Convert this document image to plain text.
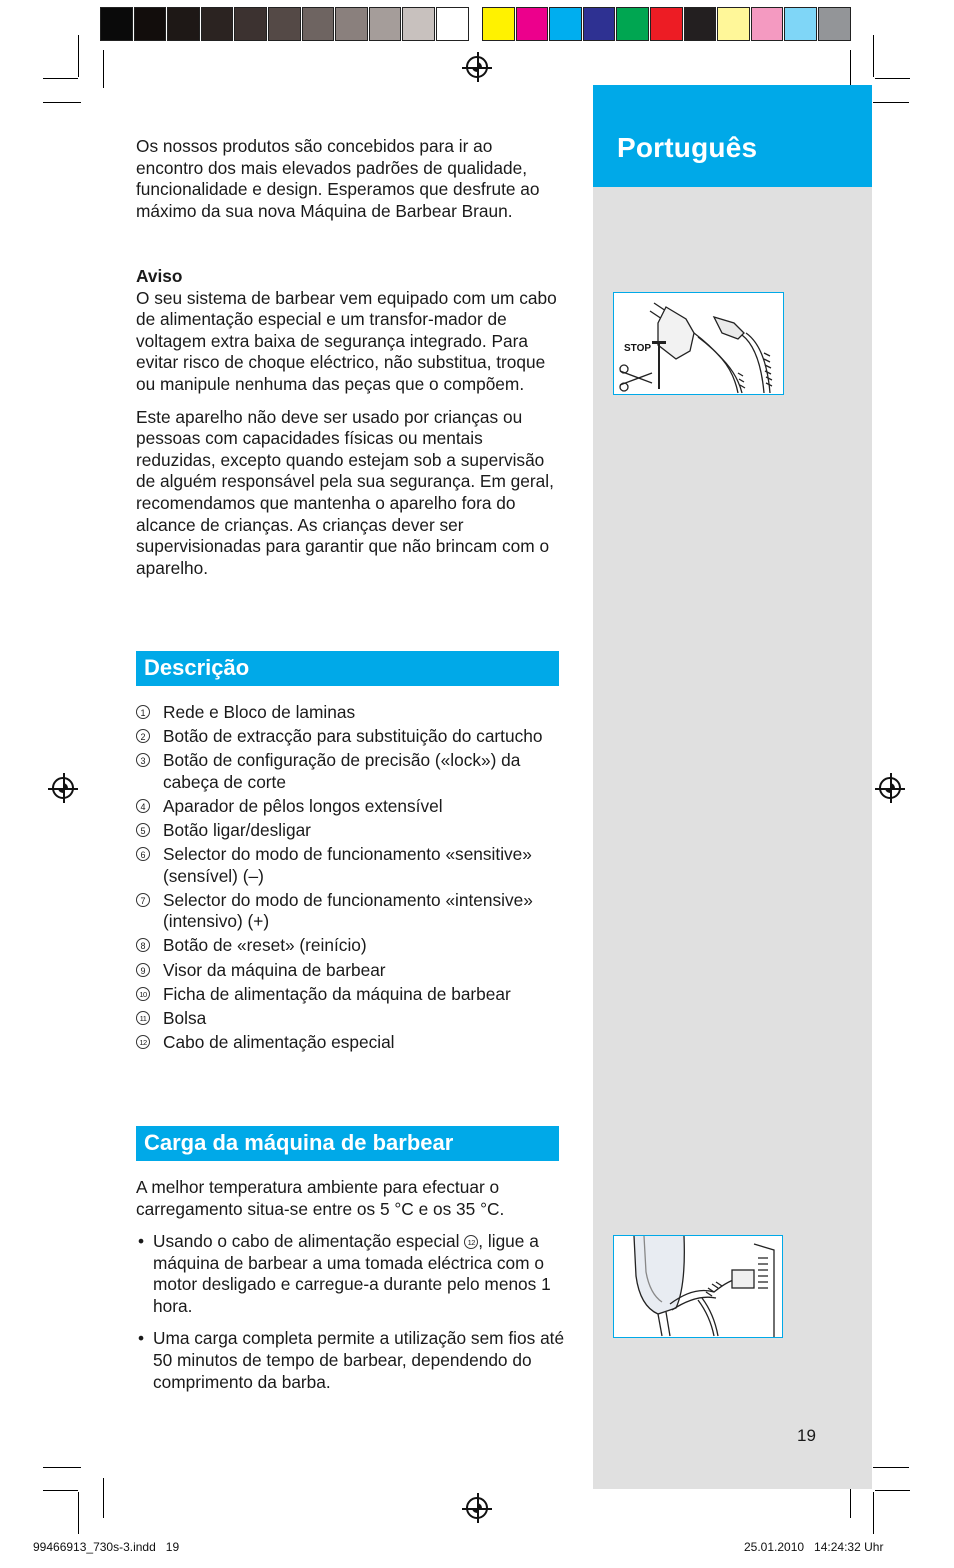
Português
STOP

Os nossos produtos são concebidos para ir ao encontro dos mais elevados padrões de qualidade, funcionalidade e design. Esperamos que desfrute ao máximo da sua nova Máquina de Barbear Braun.

Aviso

O seu sistema de barbear vem equipado com um cabo de alimentação especial e um transfor-mador de voltagem extra baixa de segurança integrado. Para evitar risco de choque eléctrico, não substitua, troque ou manipule nenhuma das peças que o compõem.

Este aparelho não deve ser usado por crianças ou pessoas com capacidades físicas ou mentais reduzidas, excepto quando estejam sob a supervisão de alguém responsável pela sua segurança. Em geral, recomendamos que mantenha o aparelho fora do alcance de crianças. As crianças dever ser supervisionadas para garantir que não brincam com o aparelho.

Descrição
1 Rede e Bloco de laminas
2 Botão de extracção para substituição do cartucho
3 Botão de configuração de precisão («lock») da cabeça de corte
4 Aparador de pêlos longos extensível
5 Botão ligar/desligar
6 Selector do modo de funcionamento «sensitive» (sensível) (–)
7 Selector do modo de funcionamento «intensive» (intensivo) (+)
8 Botão de «reset» (reinício)
9 Visor da máquina de barbear
10 Ficha de alimentação da máquina de barbear
11 Bolsa
12 Cabo de alimentação especial
Carga da máquina de barbear

A melhor temperatura ambiente para efectuar o carregamento situa-se entre os 5 °C e os 35 °C.

• Usando o cabo de alimentação especial 12 , ligue a máquina de barbear a uma tomada eléctrica com o motor desligado e carregue-a durante pelo menos 1 hora.
• Uma carga completa permite a utilização sem fios até 50 minutos de tempo de barbear, dependendo do comprimento da barba.
19
99466913_730s-3.indd   19	25.01.2010   14:24:32 Uhr
